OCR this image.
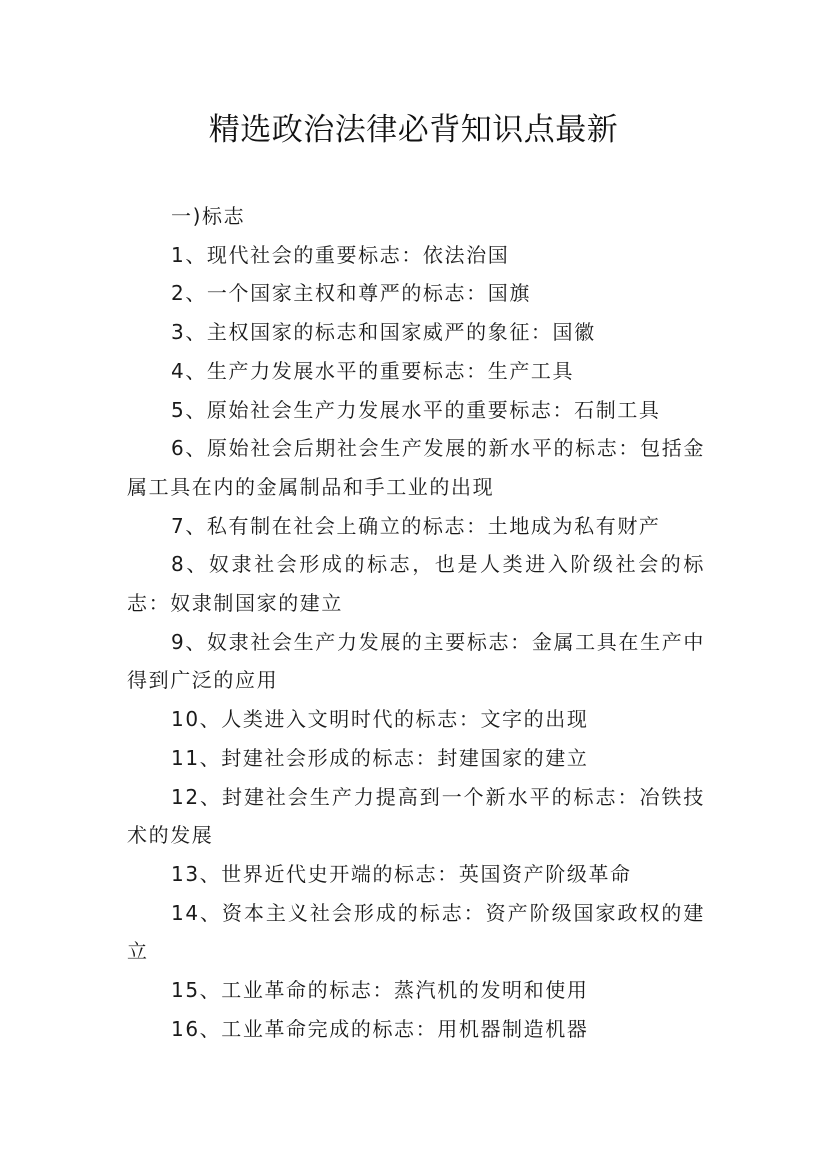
精选政治法律必背知识点最新

一)标志

1、现代社会的重要标志：依法治国

2、一个国家主权和尊严的标志：国旗

3、主权国家的标志和国家威严的象征：国徽

4、生产力发展水平的重要标志：生产工具

5、原始社会生产力发展水平的重要标志：石制工具

6、原始社会后期社会生产发展的新水平的标志：包括金属工具在内的金属制品和手工业的出现

7、私有制在社会上确立的标志：土地成为私有财产

8、奴隶社会形成的标志，也是人类进入阶级社会的标志：奴隶制国家的建立

9、奴隶社会生产力发展的主要标志：金属工具在生产中得到广泛的应用

10、人类进入文明时代的标志：文字的出现

11、封建社会形成的标志：封建国家的建立

12、封建社会生产力提高到一个新水平的标志：冶铁技术的发展

13、世界近代史开端的标志：英国资产阶级革命

14、资本主义社会形成的标志：资产阶级国家政权的建立

15、工业革命的标志：蒸汽机的发明和使用

16、工业革命完成的标志：用机器制造机器
